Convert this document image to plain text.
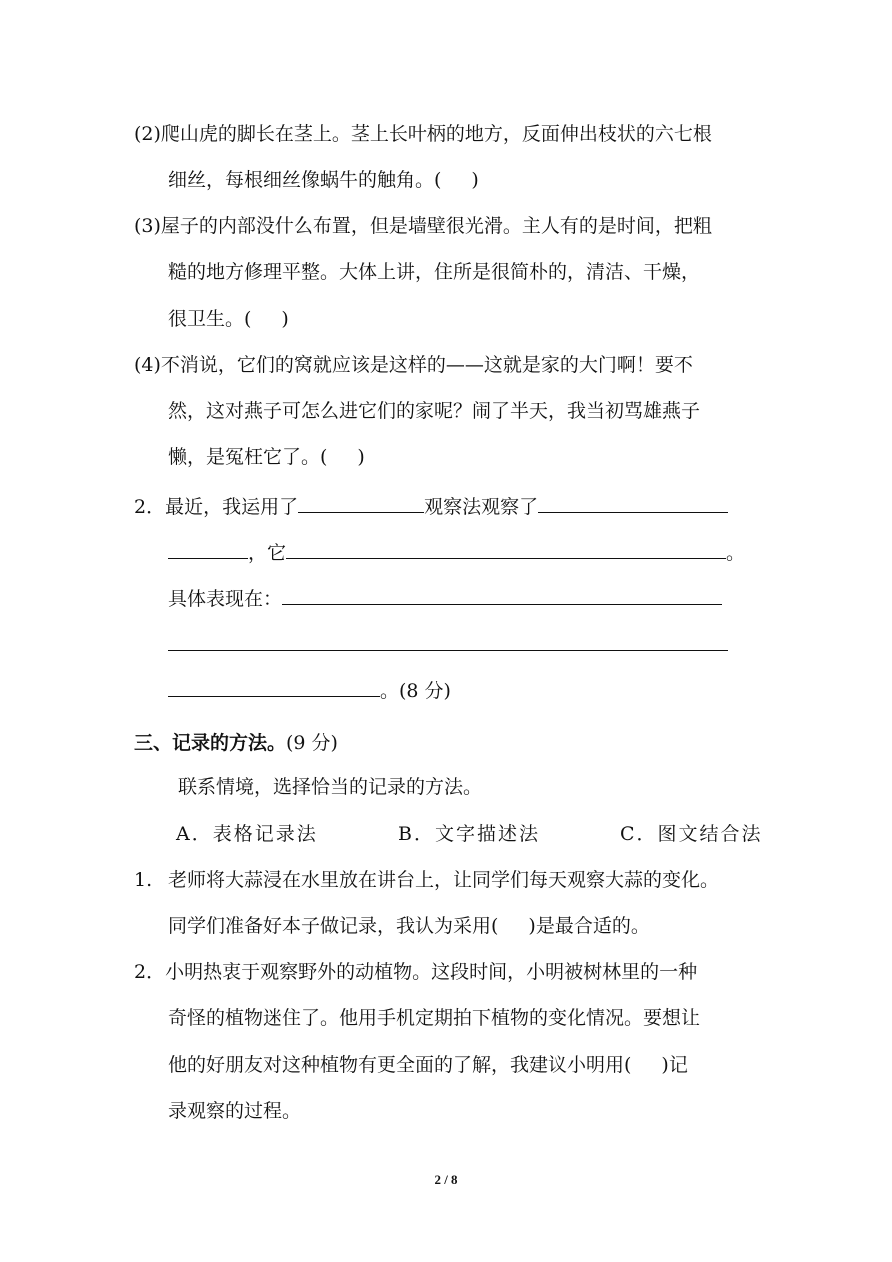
(2)爬山虎的脚长在茎上。茎上长叶柄的地方，反面伸出枝状的六七根
细丝，每根细丝像蜗牛的触角。( )
(3)屋子的内部没什么布置，但是墙壁很光滑。主人有的是时间，把粗
糙的地方修理平整。大体上讲，住所是很简朴的，清洁、干燥，
很卫生。( )
(4)不消说，它们的窝就应该是这样的——这就是家的大门啊！要不
然，这对燕子可怎么进它们的家呢？闹了半天，我当初骂雄燕子
懒，是冤枉它了。( )
2．最近，我运用了	观察法观察了
，它	。
具体表现在：
。(8 分)
三、记录的方法。(9 分)
联系情境，选择恰当的记录的方法。
A．表格记录法	B．文字描述法	C．图文结合法
1. 老师将大蒜浸在水里放在讲台上，让同学们每天观察大蒜的变化。
同学们准备好本子做记录，我认为采用( )是最合适的。
2．小明热衷于观察野外的动植物。这段时间，小明被树林里的一种
奇怪的植物迷住了。他用手机定期拍下植物的变化情况。要想让
他的好朋友对这种植物有更全面的了解，我建议小明用( )记
录观察的过程。
2 / 8
